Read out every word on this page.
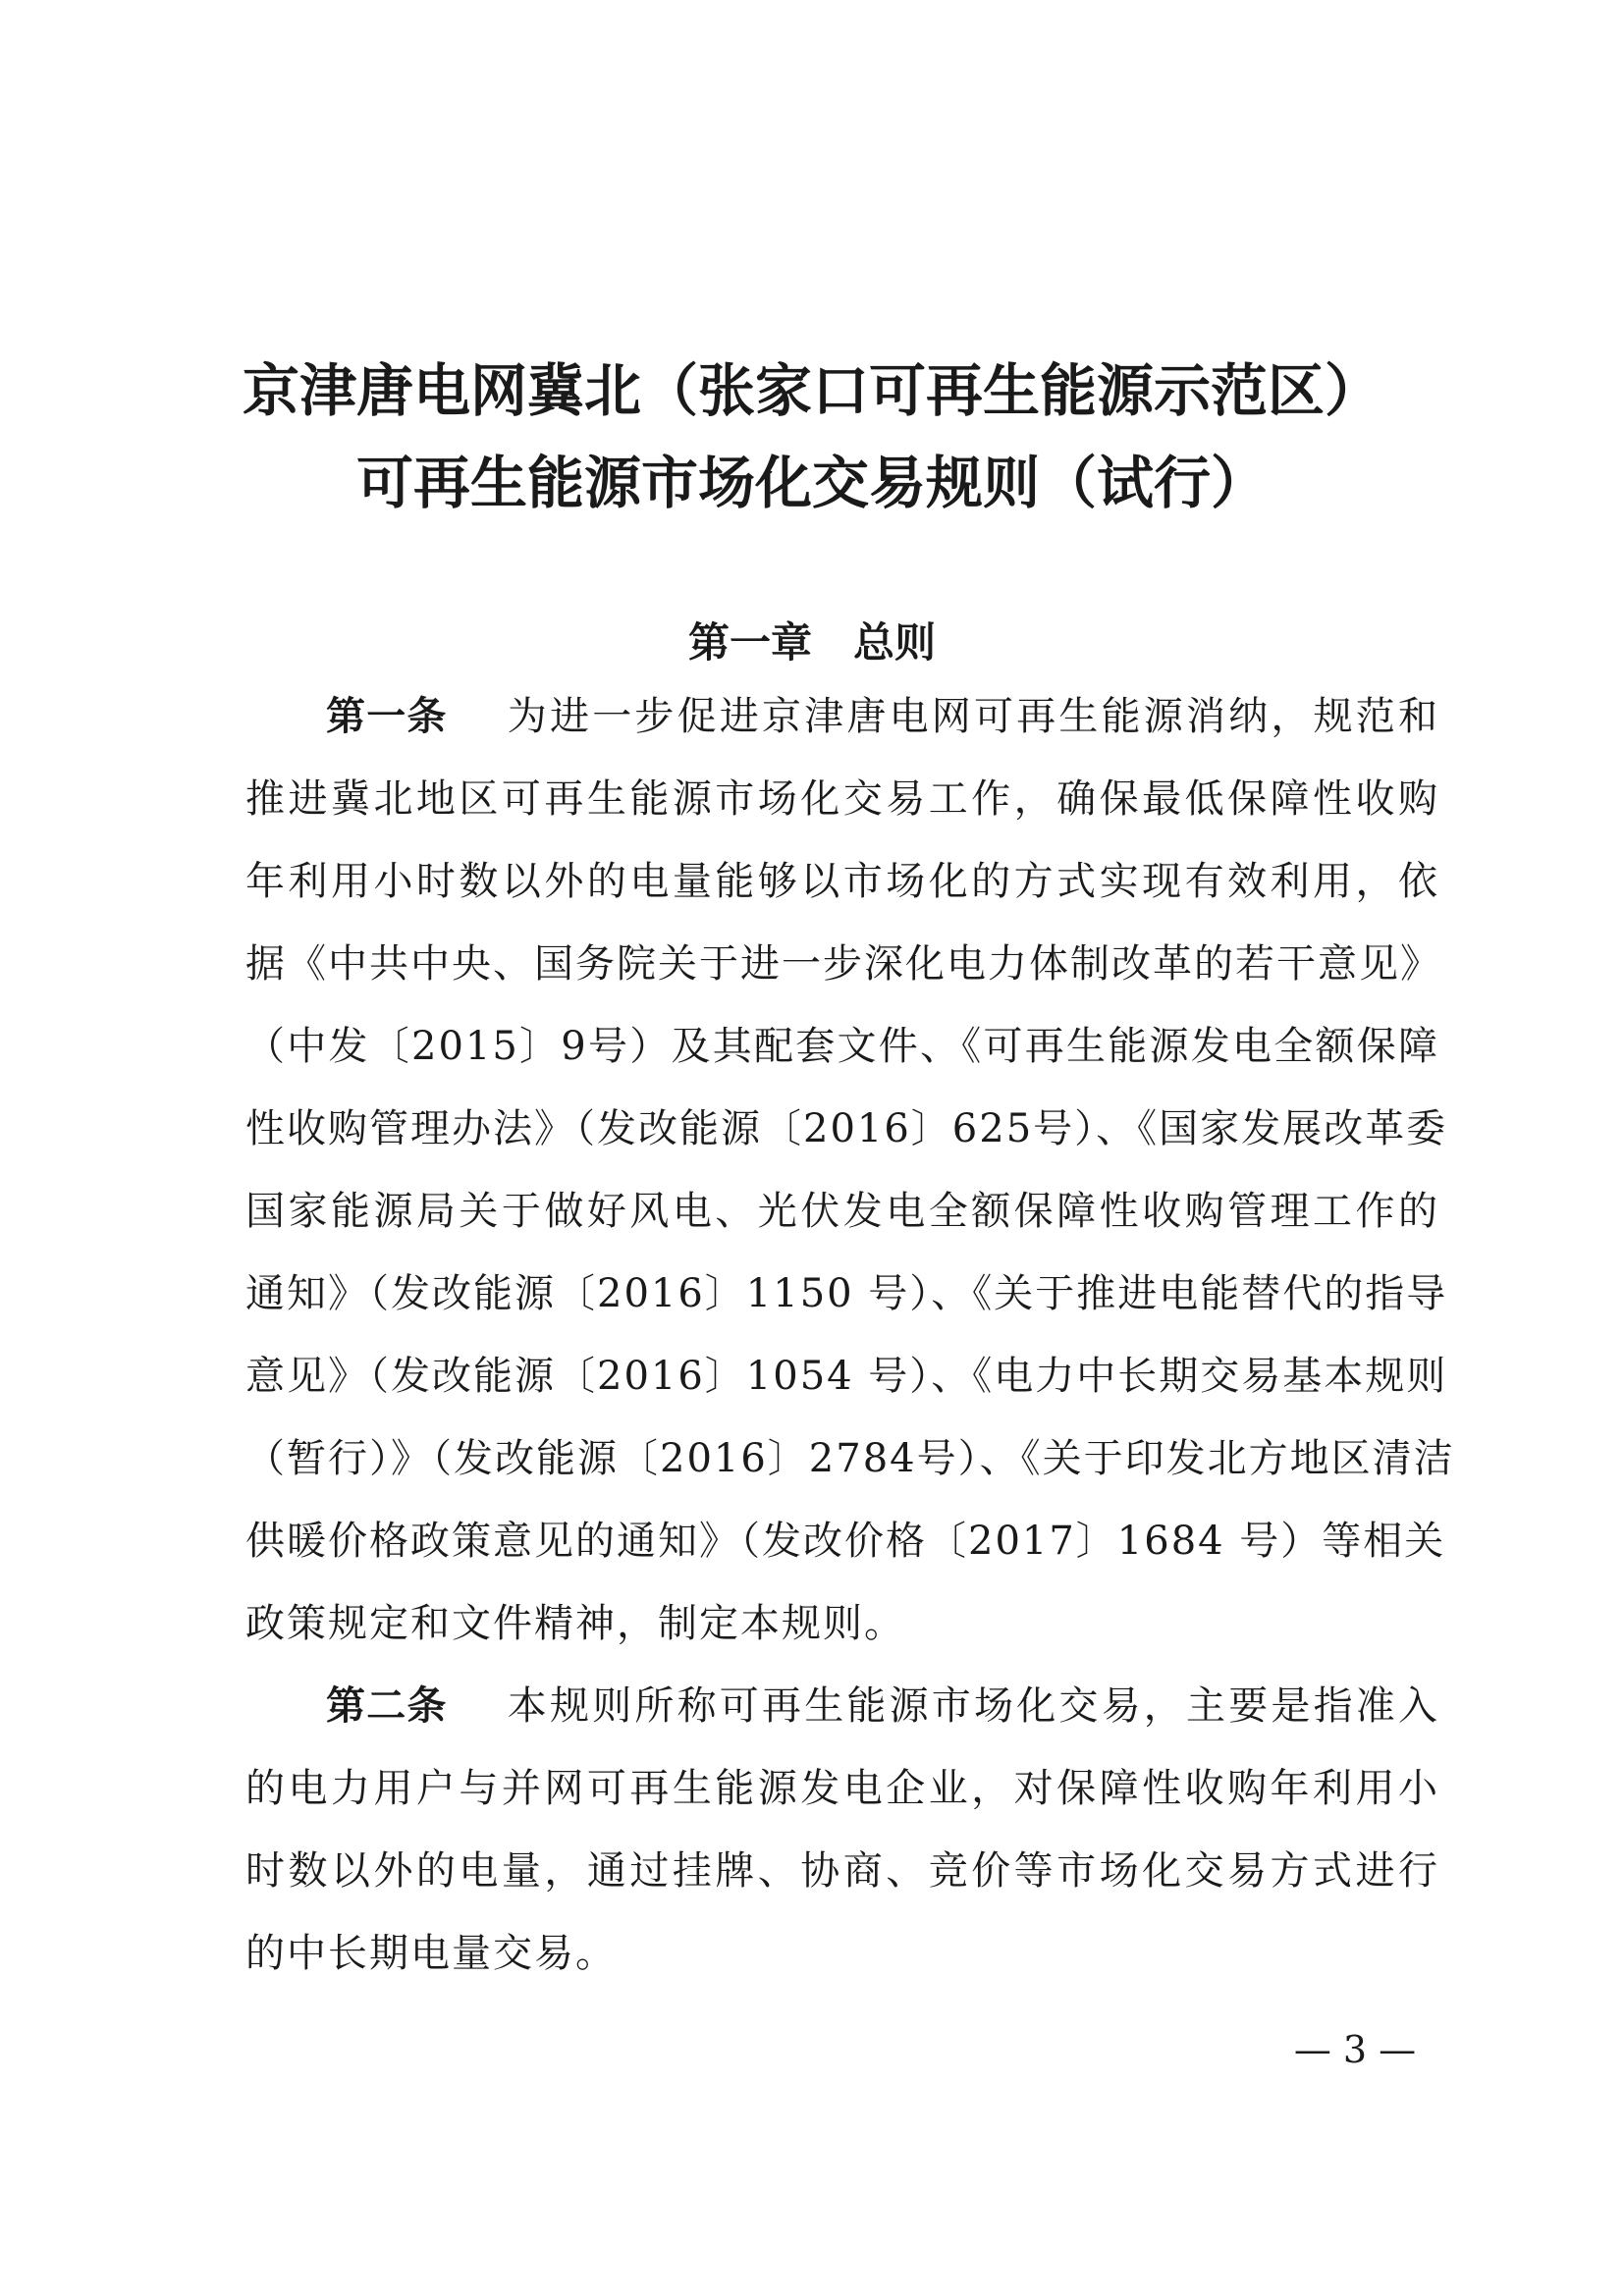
京津唐电网冀北（张家口可再生能源示范区）
可再生能源市场化交易规则（试行）
第一章　总则
第一条 为进一步促进京津唐电网可再生能源消纳，规范和
推进冀北地区可再生能源市场化交易工作，确保最低保障性收购
年利用小时数以外的电量能够以市场化的方式实现有效利用，依
据《中共中央、国务院关于进一步深化电力体制改革的若干意见》
（中发〔2015〕9号）及其配套文件、《可再生能源发电全额保障
性收购管理办法》（发改能源〔2016〕625号）、《国家发展改革委
国家能源局关于做好风电、光伏发电全额保障性收购管理工作的
通知》（发改能源〔2016〕1150 号）、《关于推进电能替代的指导
意见》（发改能源〔2016〕1054 号）、《电力中长期交易基本规则
（暂行）》（发改能源〔2016〕2784号）、《关于印发北方地区清洁
供暖价格政策意见的通知》（发改价格〔2017〕1684 号）等相关
政策规定和文件精神，制定本规则。
第二条 本规则所称可再生能源市场化交易，主要是指准入
的电力用户与并网可再生能源发电企业，对保障性收购年利用小
时数以外的电量，通过挂牌、协商、竞价等市场化交易方式进行
的中长期电量交易。
— 3 —
